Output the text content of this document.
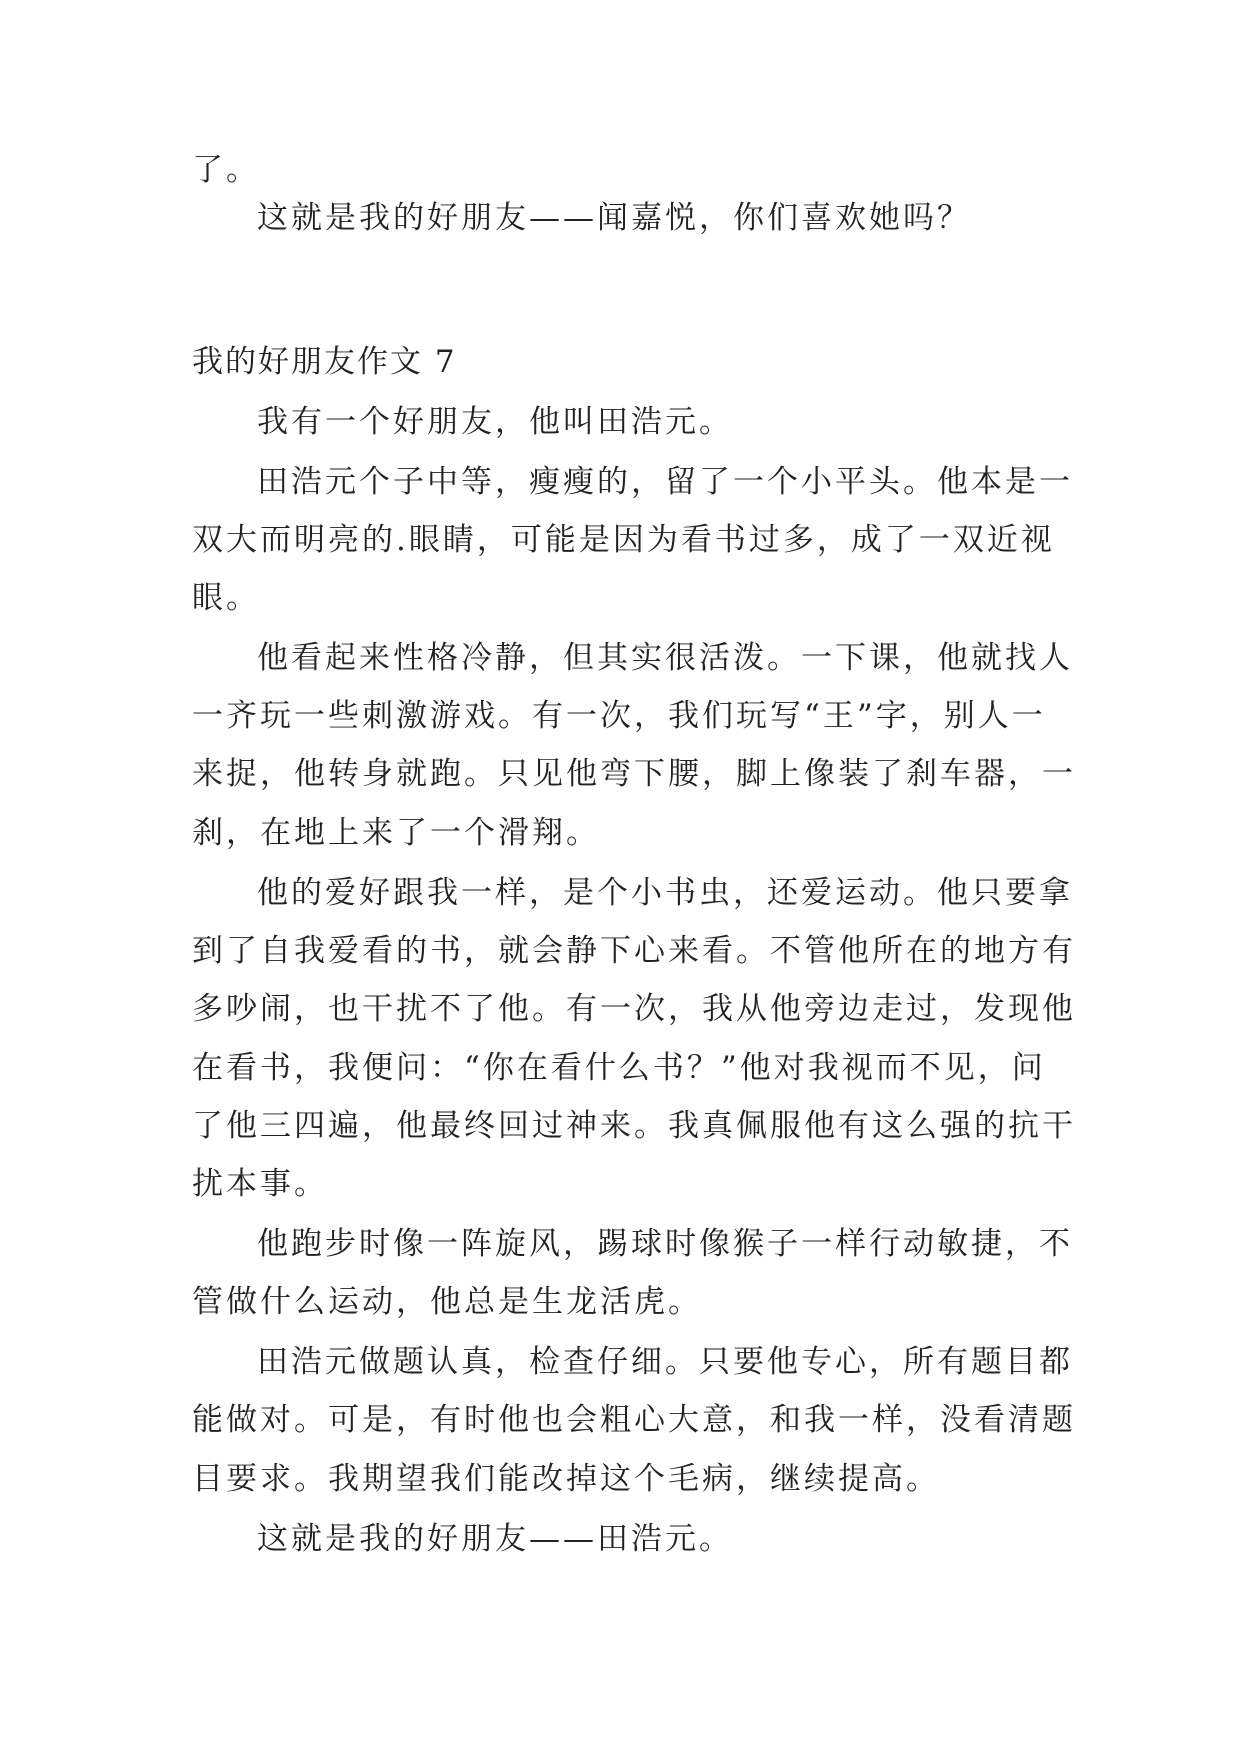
了。
这就是我的好朋友——闻嘉悦，你们喜欢她吗？
我的好朋友作文 7
我有一个好朋友，他叫田浩元。
田浩元个子中等，瘦瘦的，留了一个小平头。他本是一
双大而明亮的.眼睛，可能是因为看书过多，成了一双近视
眼。
他看起来性格冷静，但其实很活泼。一下课，他就找人
一齐玩一些刺激游戏。有一次，我们玩写“王”字，别人一
来捉，他转身就跑。只见他弯下腰，脚上像装了刹车器，一
刹，在地上来了一个滑翔。
他的爱好跟我一样，是个小书虫，还爱运动。他只要拿
到了自我爱看的书，就会静下心来看。不管他所在的地方有
多吵闹，也干扰不了他。有一次，我从他旁边走过，发现他
在看书，我便问：“你在看什么书？”他对我视而不见，问
了他三四遍，他最终回过神来。我真佩服他有这么强的抗干
扰本事。
他跑步时像一阵旋风，踢球时像猴子一样行动敏捷，不
管做什么运动，他总是生龙活虎。
田浩元做题认真，检查仔细。只要他专心，所有题目都
能做对。可是，有时他也会粗心大意，和我一样，没看清题
目要求。我期望我们能改掉这个毛病，继续提高。
这就是我的好朋友——田浩元。
